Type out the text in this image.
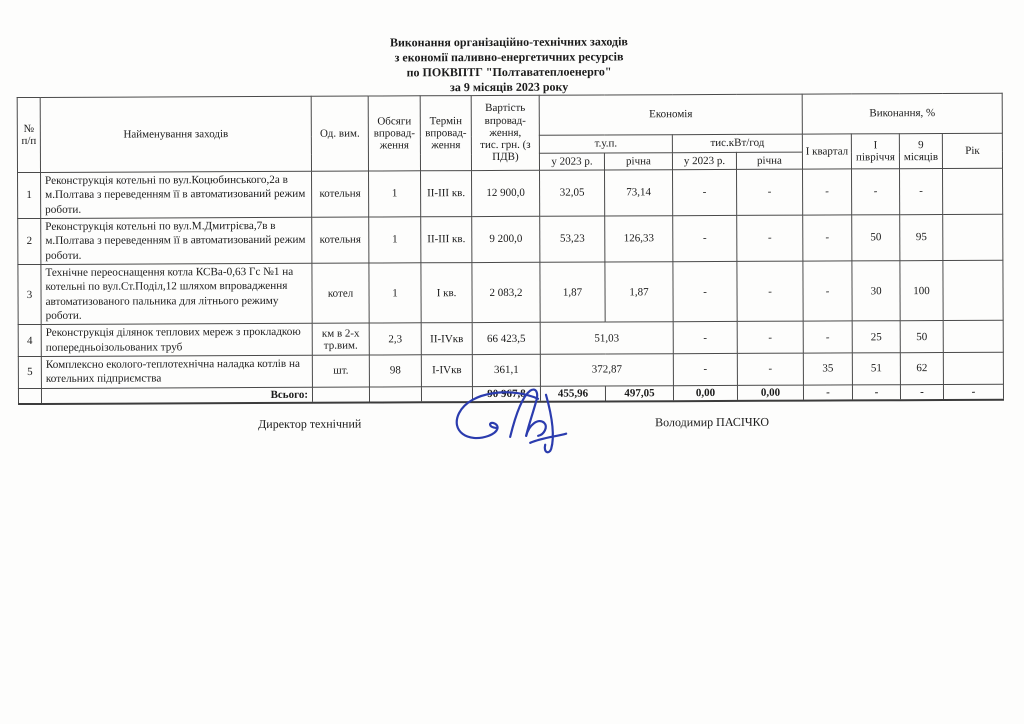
Виконання організаційно-технічних заходів
з економії паливно-енергетичних ресурсів
по ПОКВПТГ "Полтаватеплоенерго"
за 9 місяців 2023 року
№
п/п	Найменування заходів	Од. вим.	Обсяги
впровад-
ження	Термін
впровад-
ження	Вартість
впровад-
ження,
тис. грн. (з
ПДВ)	Економія				Виконання, %			
						т.у.п.		тис.кВт/год		І квартал	І півріччя	9 місяців	Рік
						у 2023 р.	річна	у 2023 р.	річна				
1	Реконструкція котельні по вул.Коцюбинського,2а в м.Полтава з переведенням її в автоматизований режим роботи.	котельня	1	ІІ-ІІІ кв.	12 900,0	32,05	73,14	-	-	-	-	-	
2	Реконструкція котельні по вул.М.Дмитрієва,7в в м.Полтава з переведенням її в автоматизований режим роботи.	котельня	1	ІІ-ІІІ кв.	9 200,0	53,23	126,33	-	-	-	50	95	
3	Технічне переоснащення котла КСВа-0,63 Гс №1 на котельні по вул.Ст.Поділ,12 шляхом впровадження автоматизованого пальника для літнього режиму роботи.	котел	1	І кв.	2 083,2	1,87	1,87	-	-	-	30	100	
4	Реконструкція ділянок теплових мереж з прокладкою попередньоізольованих труб	км в 2-х тр.вим.	2,3	ІІ-IVкв	66 423,5	51,03		-	-	-	25	50	
5	Комплексно еколого-теплотехнічна наладка котлів на котельних підприємства	шт.	98	І-IVкв	361,1	372,87		-	-	35	51	62	
	Всього:				90 967,8	455,96	497,05	0,00	0,00	-	-	-	-
Директор технічний	Володимир ПАСІЧКО
